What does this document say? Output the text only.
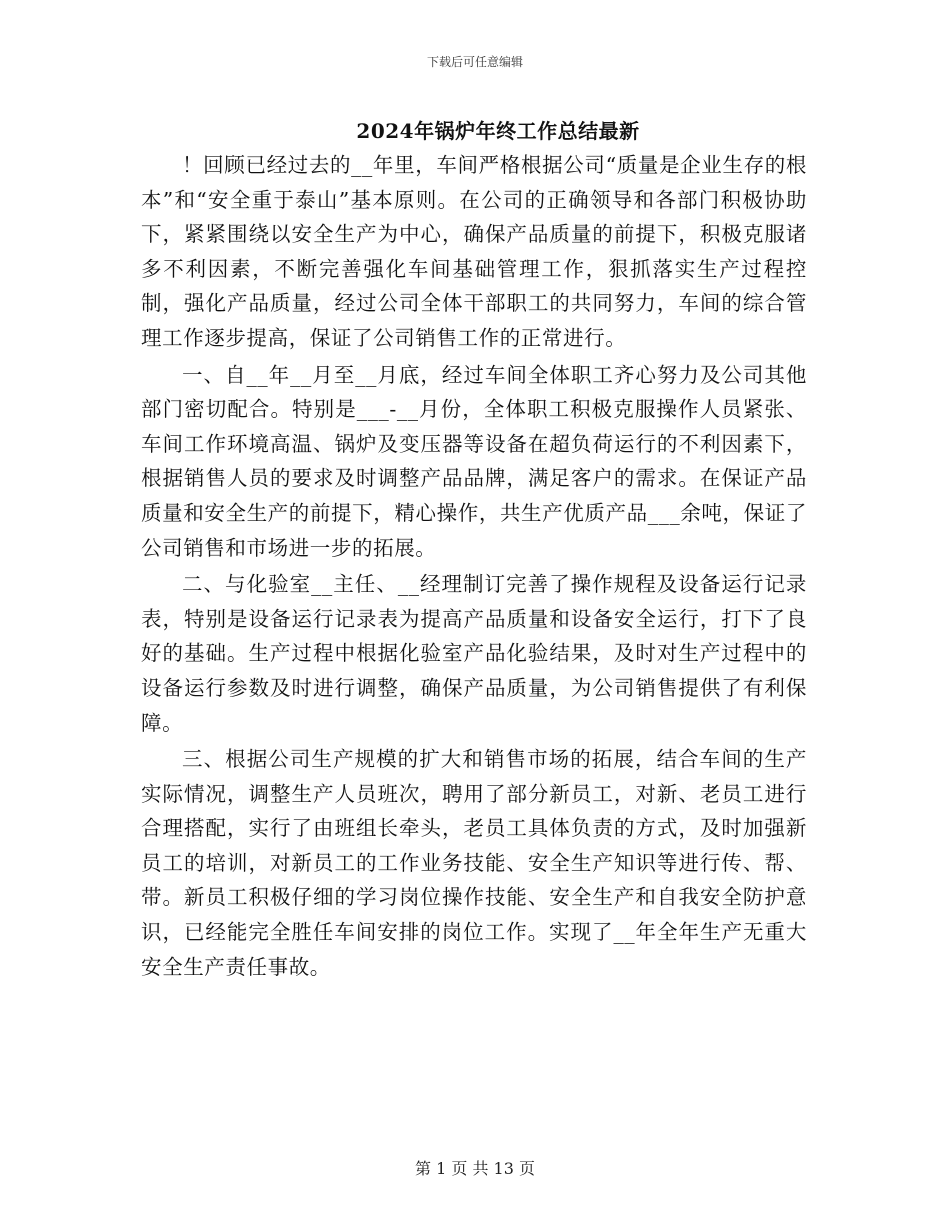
下载后可任意编辑
2024年锅炉年终工作总结最新

！回顾已经过去的__年里，车间严格根据公司“质量是企业生存的根本”和“安全重于泰山”基本原则。在公司的正确领导和各部门积极协助下，紧紧围绕以安全生产为中心，确保产品质量的前提下，积极克服诸多不利因素，不断完善强化车间基础管理工作，狠抓落实生产过程控制，强化产品质量，经过公司全体干部职工的共同努力，车间的综合管理工作逐步提高，保证了公司销售工作的正常进行。

一、自__年__月至__月底，经过车间全体职工齐心努力及公司其他部门密切配合。特别是___-__月份，全体职工积极克服操作人员紧张、车间工作环境高温、锅炉及变压器等设备在超负荷运行的不利因素下，根据销售人员的要求及时调整产品品牌，满足客户的需求。在保证产品质量和安全生产的前提下，精心操作，共生产优质产品___余吨，保证了公司销售和市场进一步的拓展。

二、与化验室__主任、__经理制订完善了操作规程及设备运行记录表，特别是设备运行记录表为提高产品质量和设备安全运行，打下了良好的基础。生产过程中根据化验室产品化验结果，及时对生产过程中的设备运行参数及时进行调整，确保产品质量，为公司销售提供了有利保障。

三、根据公司生产规模的扩大和销售市场的拓展，结合车间的生产实际情况，调整生产人员班次，聘用了部分新员工，对新、老员工进行合理搭配，实行了由班组长牵头，老员工具体负责的方式，及时加强新员工的培训，对新员工的工作业务技能、安全生产知识等进行传、帮、带。新员工积极仔细的学习岗位操作技能、安全生产和自我安全防护意识，已经能完全胜任车间安排的岗位工作。实现了__年全年生产无重大安全生产责任事故。

第 1 页 共 13 页
